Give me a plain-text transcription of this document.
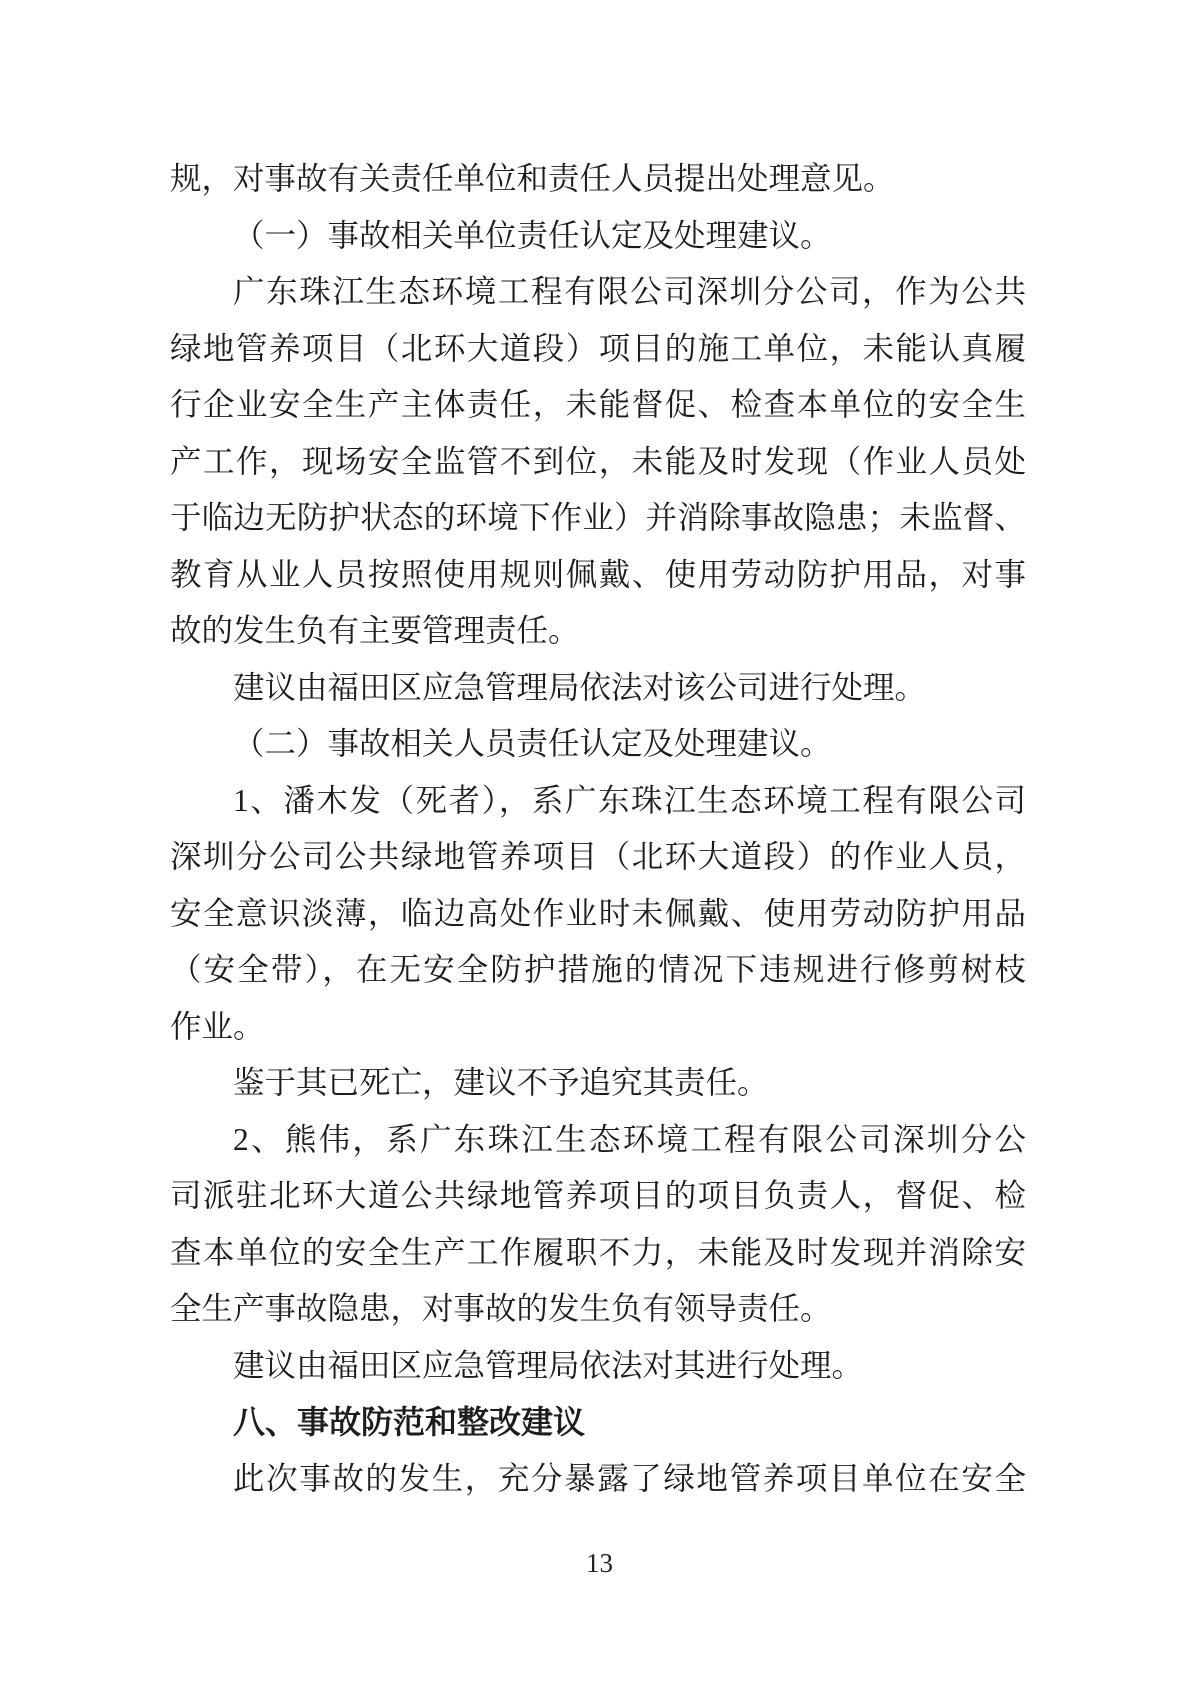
规，对事故有关责任单位和责任人员提出处理意见。
（一）事故相关单位责任认定及处理建议。
广东珠江生态环境工程有限公司深圳分公司，作为公共
绿地管养项目（北环大道段）项目的施工单位，未能认真履
行企业安全生产主体责任，未能督促、检查本单位的安全生
产工作，现场安全监管不到位，未能及时发现（作业人员处
于临边无防护状态的环境下作业）并消除事故隐患；未监督、
教育从业人员按照使用规则佩戴、使用劳动防护用品，对事
故的发生负有主要管理责任。
建议由福田区应急管理局依法对该公司进行处理。
（二）事故相关人员责任认定及处理建议。
1、潘木发（死者），系广东珠江生态环境工程有限公司
深圳分公司公共绿地管养项目（北环大道段）的作业人员，
安全意识淡薄，临边高处作业时未佩戴、使用劳动防护用品
（安全带），在无安全防护措施的情况下违规进行修剪树枝
作业。
鉴于其已死亡，建议不予追究其责任。
2、熊伟，系广东珠江生态环境工程有限公司深圳分公
司派驻北环大道公共绿地管养项目的项目负责人，督促、检
查本单位的安全生产工作履职不力，未能及时发现并消除安
全生产事故隐患，对事故的发生负有领导责任。
建议由福田区应急管理局依法对其进行处理。
八、事故防范和整改建议
此次事故的发生，充分暴露了绿地管养项目单位在安全
13
